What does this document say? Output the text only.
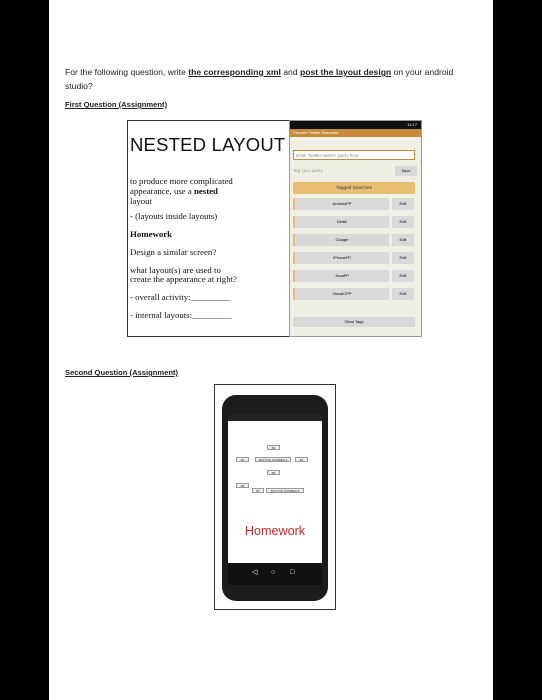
For the following question, write the corresponding xml and post the layout design on your android studio?
First Question (Assignment)
NESTED LAYOUT
to produce more complicated
appearance, use a nested
layout
- (layouts inside layouts)
Homework
Design a similar screen?
what layout(s) are used to
create the appearance at right?
- overall activity:_________
- internal layouts:_________
11:17
Favorite Twitter Searches
Enter Twitter search query here
Tag your query	Save
Tagged Searches
AndroidFP	Edit
Deitel	Edit
Google	Edit
iPhoneFP	Edit
JavaFP	Edit
VisualCPP	Edit
Clear Tags
Second Question (Assignment)
B1
BUTTON NUMBER 2
B3	B4
B5
B6
B7	BUTTON NUMBER 8
Homework
◁ ○ □
